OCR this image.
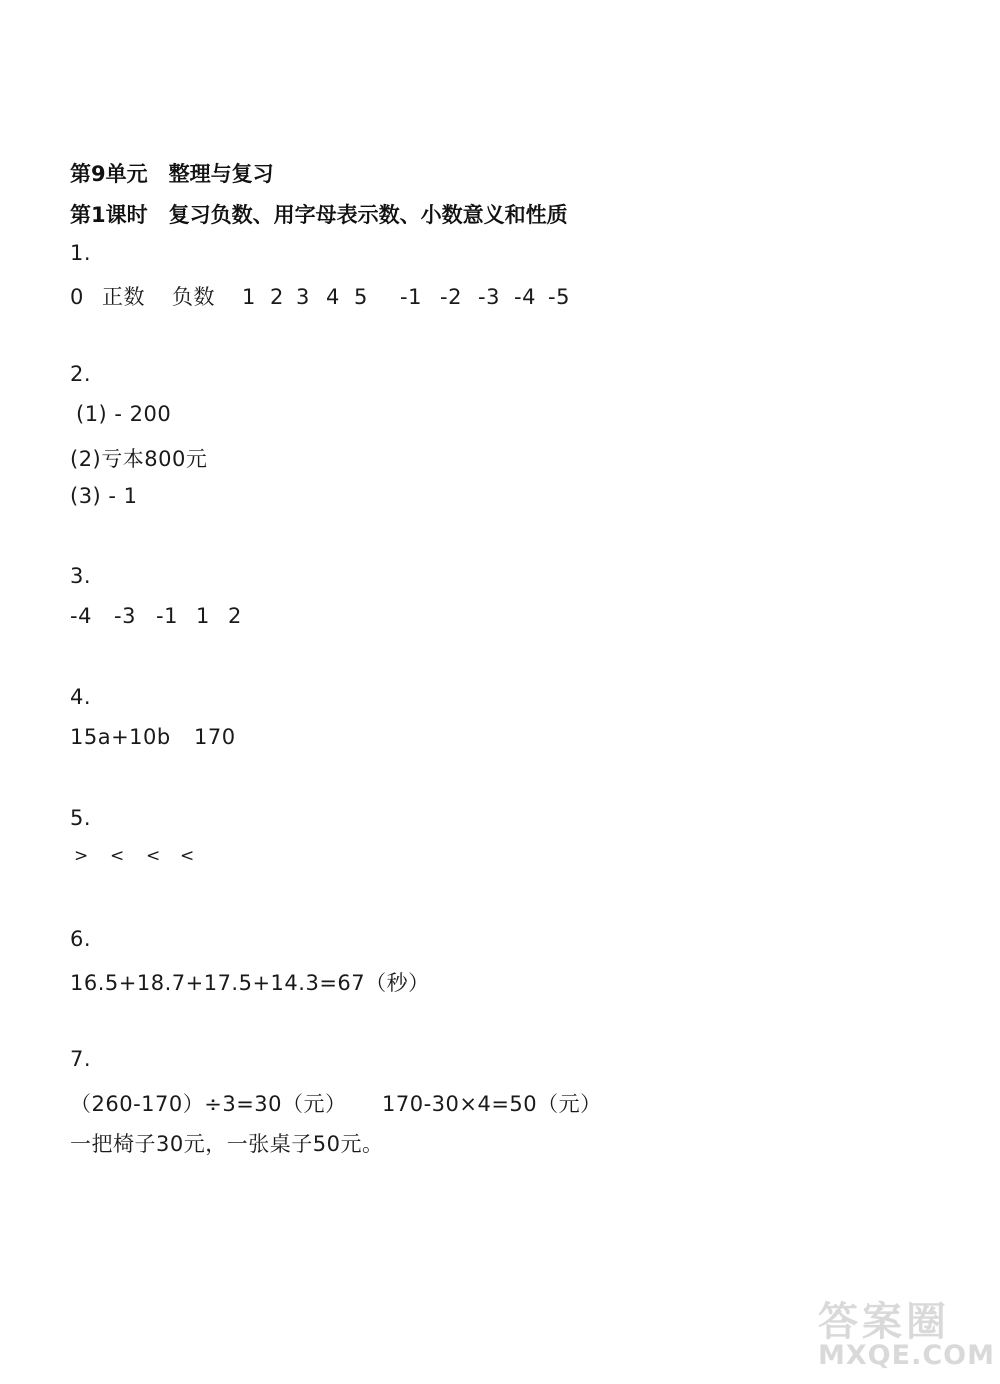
第9单元　整理与复习
第1课时　复习负数、用字母表示数、小数意义和性质
1.
0 正数 负数 1 2 3 4 5 -1 -2 -3 -4 -5
2.
(1) - 200
(2)亏本800元
(3) - 1
3.
-4 -3 -1 1 2
4.
15a+10b 170
5.
> < < <
6.
16.5+18.7+17.5+14.3=67（秒）
7.
（260-170）÷3=30（元） 170-30×4=50（元）
一把椅子30元，一张桌子50元。
答案圈
MXQE.COM
